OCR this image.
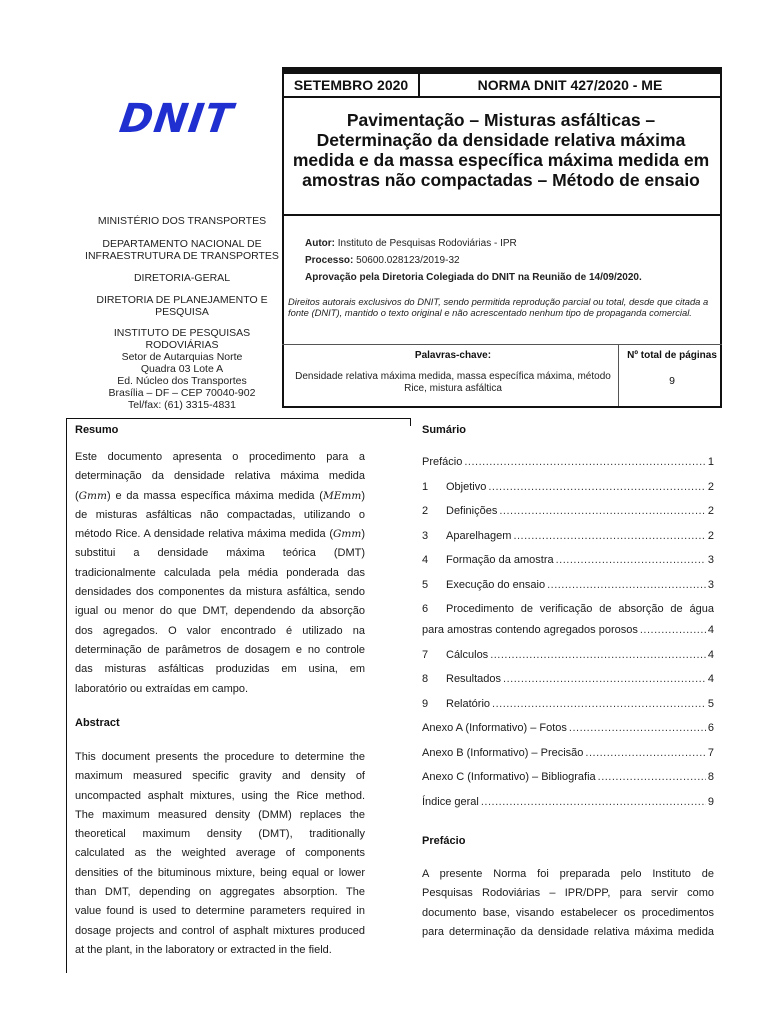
SETEMBRO 2020	NORMA DNIT 427/2020 - ME
DNIT	Pavimentação – Misturas asfálticas – Determinação da densidade relativa máxima medida e da massa específica máxima medida em amostras não compactadas – Método de ensaio
MINISTÉRIO DOS TRANSPORTES
DEPARTAMENTO NACIONAL DE
INFRAESTRUTURA DE TRANSPORTES
DIRETORIA-GERAL
DIRETORIA DE PLANEJAMENTO E
PESQUISA
INSTITUTO DE PESQUISAS
RODOVIÁRIAS
Setor de Autarquias Norte
Quadra 03 Lote A
Ed. Núcleo dos Transportes
Brasília – DF – CEP 70040-902
Tel/fax: (61) 3315-4831
Autor: Instituto de Pesquisas Rodoviárias - IPR
Processo: 50600.028123/2019-32
Aprovação pela Diretoria Colegiada do DNIT na Reunião de 14/09/2020.
Direitos autorais exclusivos do DNIT, sendo permitida reprodução parcial ou total, desde que citada a fonte (DNIT), mantido o texto original e não acrescentado nenhum tipo de propaganda comercial.
Palavras-chave:
Densidade relativa máxima medida, massa específica máxima, método Rice, mistura asfáltica
Nº total de páginas
9
Resumo
Este documento apresenta o procedimento para a
determinação da densidade relativa máxima medida
(Gmm) e da massa específica máxima medida (MEmm)
de misturas asfálticas não compactadas, utilizando o
método Rice. A densidade relativa máxima medida (Gmm)
substitui a densidade máxima teórica (DMT)
tradicionalmente calculada pela média ponderada das
densidades dos componentes da mistura asfáltica, sendo
igual ou menor do que DMT, dependendo da absorção
dos agregados. O valor encontrado é utilizado na
determinação de parâmetros de dosagem e no controle
das misturas asfálticas produzidas em usina, em
laboratório ou extraídas em campo.
Abstract
This document presents the procedure to determine the
maximum measured specific gravity and density of
uncompacted asphalt mixtures, using the Rice method.
The maximum measured density (DMM) replaces the
theoretical maximum density (DMT), traditionally
calculated as the weighted average of components
densities of the bituminous mixture, being equal or lower
than DMT, depending on aggregates absorption. The
value found is used to determine parameters required in
dosage projects and control of asphalt mixtures produced
at the plant, in the laboratory or extracted in the field.
Sumário
Prefácio .....	1
1	Objetivo .....	2
2	Definições .....	2
3	Aparelhagem .....	2
4	Formação da amostra .....	3
5	Execução do ensaio .....	3
6	Procedimento de verificação de absorção de água
para amostras contendo agregados porosos .....	4
7	Cálculos .....	4
8	Resultados .....	4
9	Relatório .....	5
Anexo A (Informativo) – Fotos .....	6
Anexo B (Informativo) – Precisão .....	7
Anexo C (Informativo) – Bibliografia .....	8
Índice geral .....	9
Prefácio
A presente Norma foi preparada pelo Instituto de
Pesquisas Rodoviárias – IPR/DPP, para servir como
documento base, visando estabelecer os procedimentos
para determinação da densidade relativa máxima medida
